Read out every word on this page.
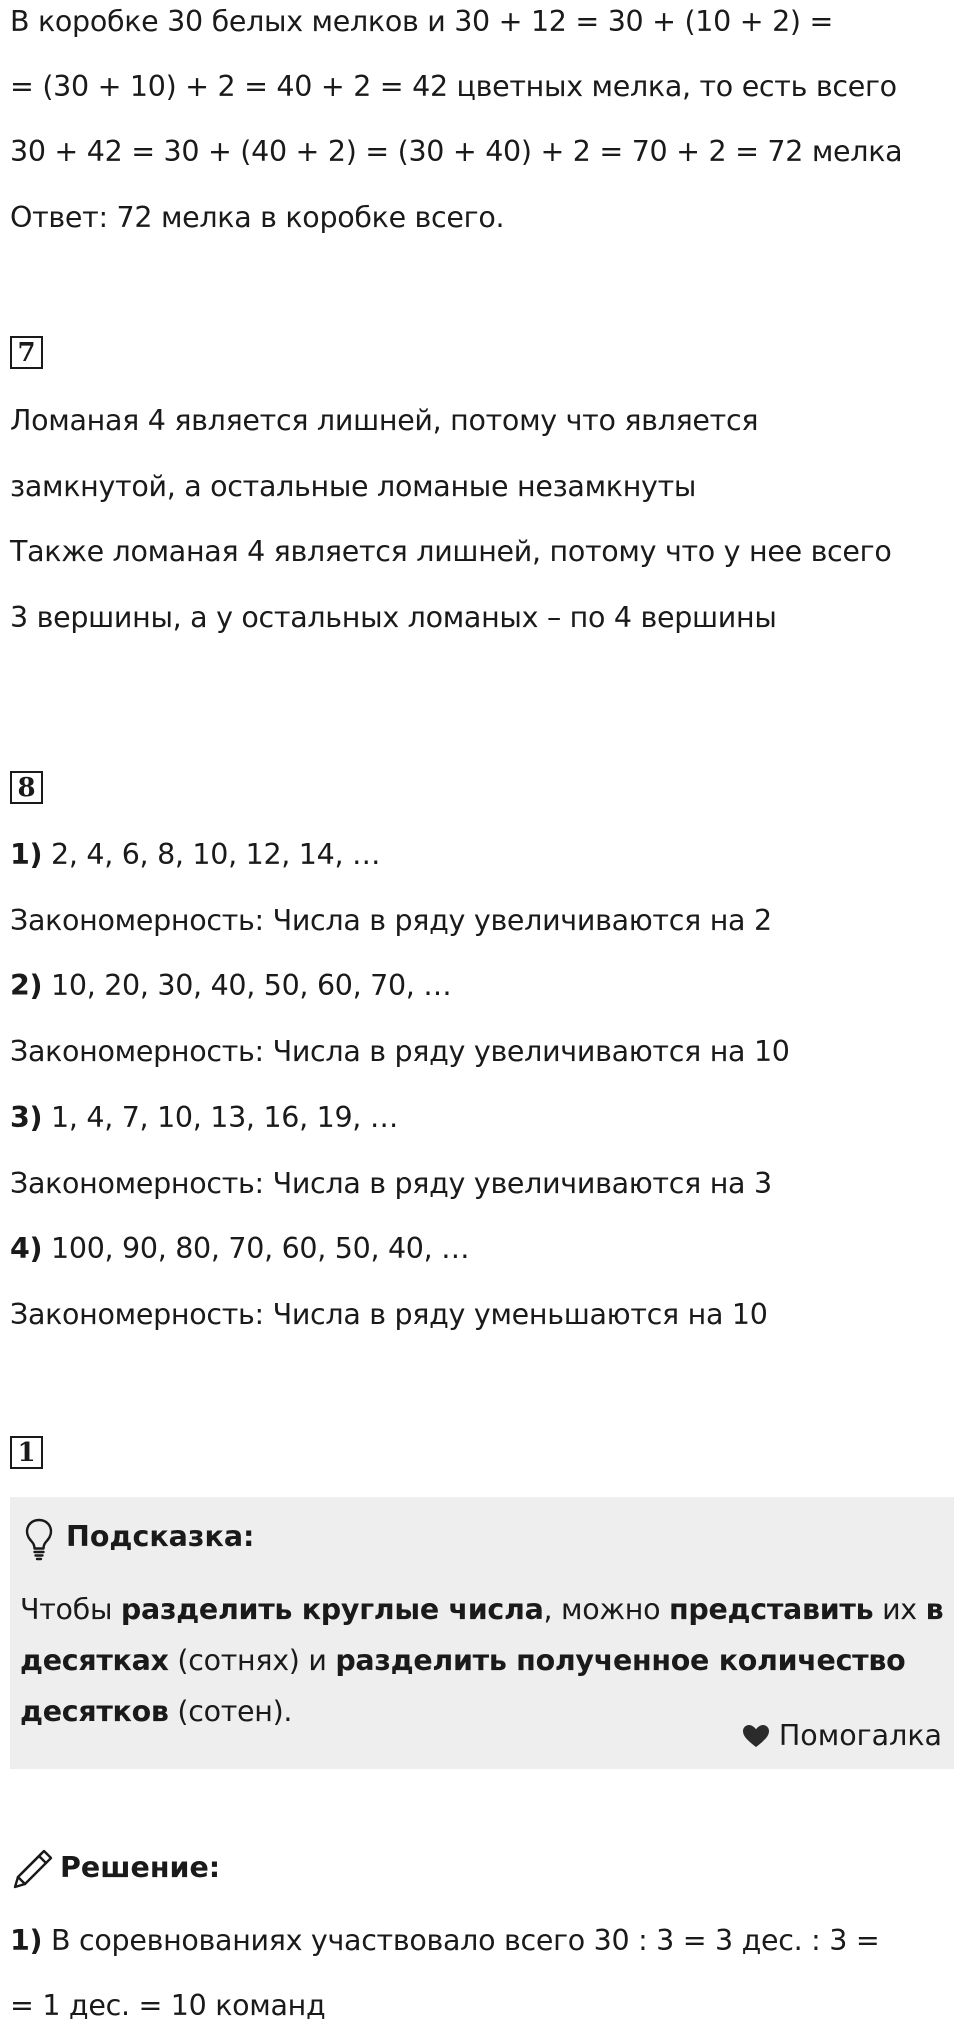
В коробке 30 белых мелков и 30 + 12 = 30 + (10 + 2) =
= (30 + 10) + 2 = 40 + 2 = 42 цветных мелка, то есть всего
30 + 42 = 30 + (40 + 2) = (30 + 40) + 2 = 70 + 2 = 72 мелка
Ответ: 72 мелка в коробке всего.
7
Ломаная 4 является лишней, потому что является
замкнутой, а остальные ломаные незамкнуты
Также ломаная 4 является лишней, потому что у нее всего
3 вершины, а у остальных ломаных – по 4 вершины
8
1) 2, 4, 6, 8, 10, 12, 14, …
Закономерность: Числа в ряду увеличиваются на 2
2) 10, 20, 30, 40, 50, 60, 70, …
Закономерность: Числа в ряду увеличиваются на 10
3) 1, 4, 7, 10, 13, 16, 19, …
Закономерность: Числа в ряду увеличиваются на 3
4) 100, 90, 80, 70, 60, 50, 40, …
Закономерность: Числа в ряду уменьшаются на 10
1
Подсказка:
Чтобы разделить круглые числа, можно представить их в
десятках (сотнях) и разделить полученное количество
десятков (сотен).
Помогалка
Решение:
1) В соревнованиях участвовало всего 30 : 3 = 3 дес. : 3 =
= 1 дес. = 10 команд
